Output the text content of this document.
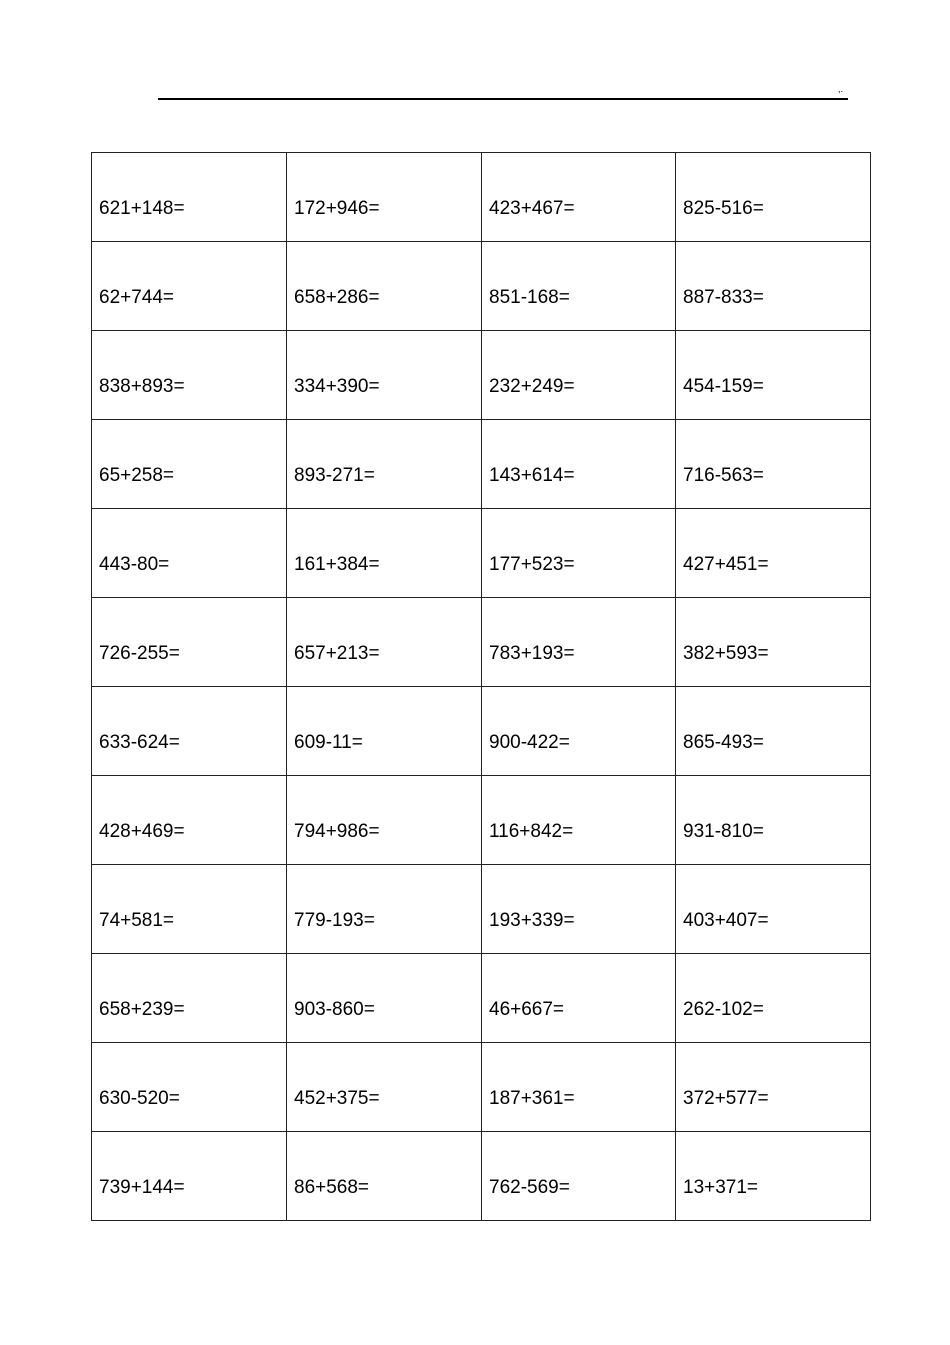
,.
621+148=	172+946=	423+467=	825-516=

62+744=	658+286=	851-168=	887-833=

838+893=	334+390=	232+249=	454-159=

65+258=	893-271=	143+614=	716-563=

443-80=	161+384=	177+523=	427+451=

726-255=	657+213=	783+193=	382+593=

633-624=	609-11=	900-422=	865-493=

428+469=	794+986=	116+842=	931-810=

74+581=	779-193=	193+339=	403+407=

658+239=	903-860=	46+667=	262-102=

630-520=	452+375=	187+361=	372+577=

739+144=	86+568=	762-569=	13+371=
